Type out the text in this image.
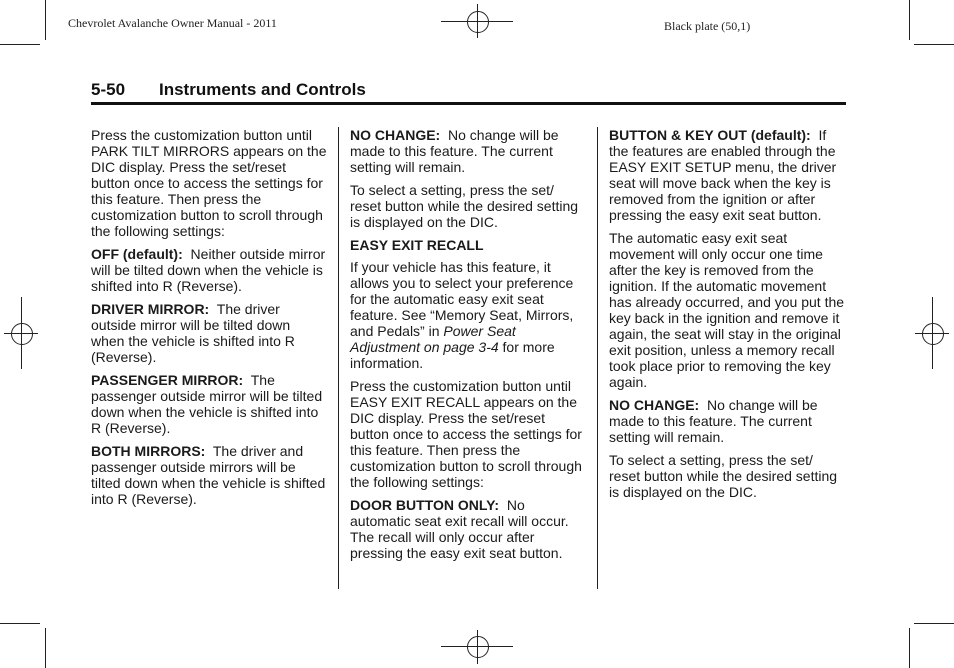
Chevrolet Avalanche Owner Manual - 2011	Black plate (50,1)
5-50 Instruments and Controls

Press the customization button until PARK TILT MIRRORS appears on the DIC display. Press the set/reset button once to access the settings for this feature. Then press the customization button to scroll through the following settings:

OFF (default): Neither outside mirror will be tilted down when the vehicle is shifted into R (Reverse).

DRIVER MIRROR: The driver outside mirror will be tilted down when the vehicle is shifted into R (Reverse).

PASSENGER MIRROR: The passenger outside mirror will be tilted down when the vehicle is shifted into R (Reverse).

BOTH MIRRORS: The driver and passenger outside mirrors will be tilted down when the vehicle is shifted into R (Reverse).

NO CHANGE: No change will be made to this feature. The current setting will remain.

To select a setting, press the set/ reset button while the desired setting is displayed on the DIC.

EASY EXIT RECALL

If your vehicle has this feature, it allows you to select your preference for the automatic easy exit seat feature. See “Memory Seat, Mirrors, and Pedals” in Power Seat Adjustment on page 3-4 for more information.

Press the customization button until EASY EXIT RECALL appears on the DIC display. Press the set/reset button once to access the settings for this feature. Then press the customization button to scroll through the following settings:

DOOR BUTTON ONLY: No automatic seat exit recall will occur. The recall will only occur after pressing the easy exit seat button.

BUTTON & KEY OUT (default): If the features are enabled through the EASY EXIT SETUP menu, the driver seat will move back when the key is removed from the ignition or after pressing the easy exit seat button.

The automatic easy exit seat movement will only occur one time after the key is removed from the ignition. If the automatic movement has already occurred, and you put the key back in the ignition and remove it again, the seat will stay in the original exit position, unless a memory recall took place prior to removing the key again.

NO CHANGE: No change will be made to this feature. The current setting will remain.

To select a setting, press the set/ reset button while the desired setting is displayed on the DIC.
